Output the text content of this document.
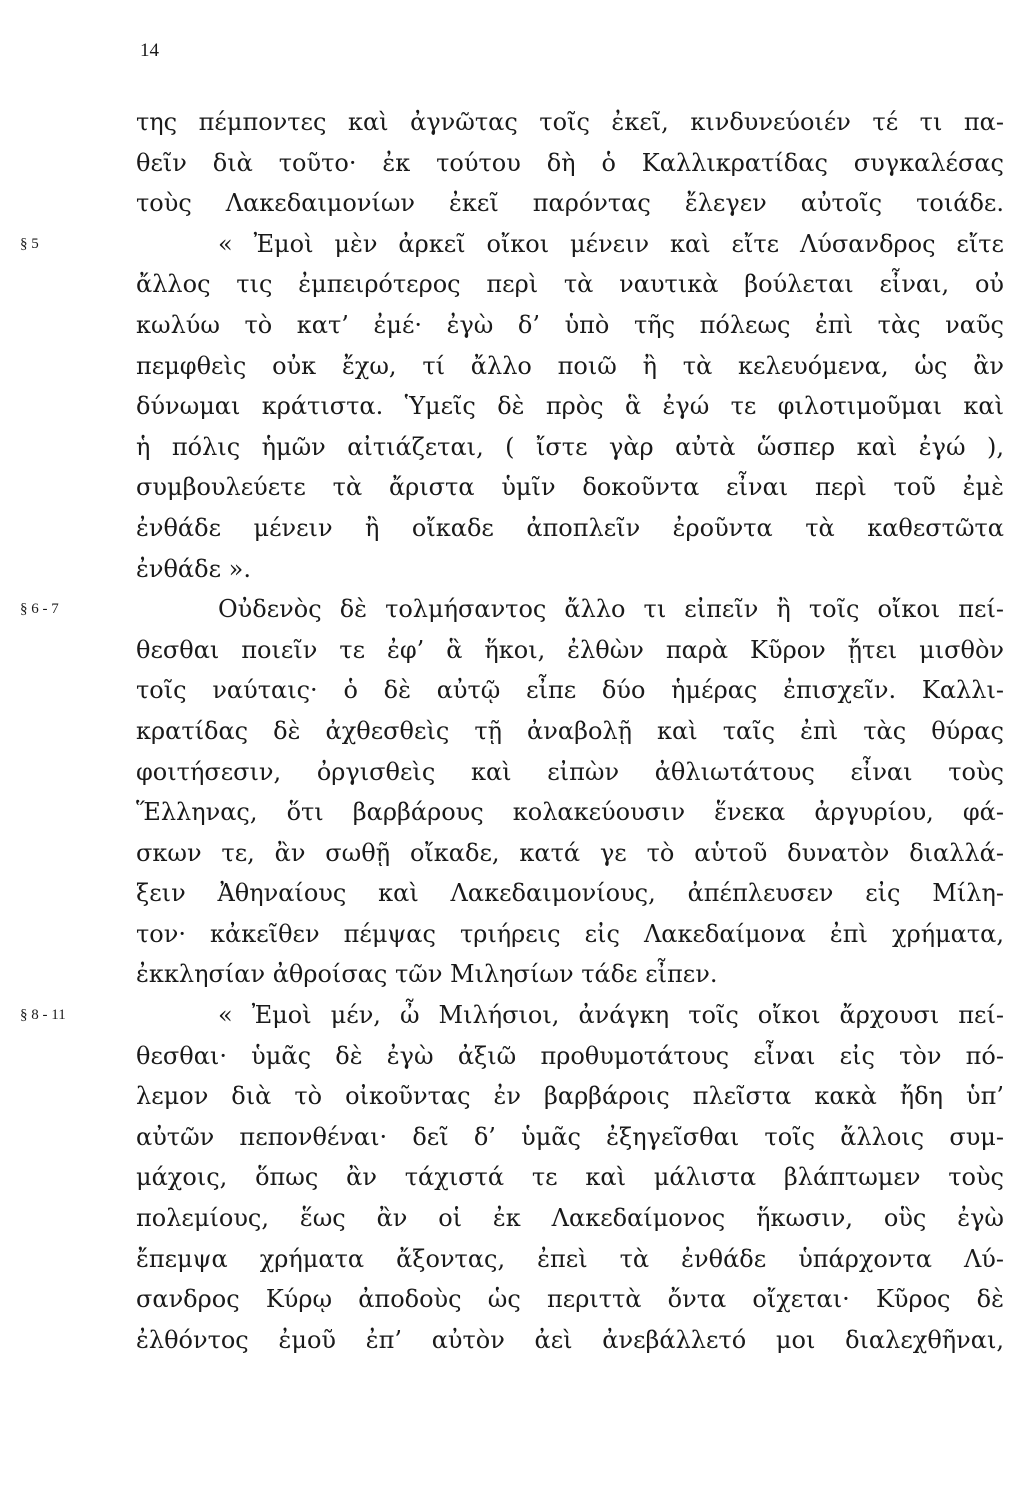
14
της πέμποντες καὶ ἀγνῶτας τοῖς ἐκεῖ, κινδυνεύοιέν τέ τι πα-
θεῖν διὰ τοῦτο· ἐκ τούτου δὴ ὁ Καλλικρατίδας συγκαλέσας
τοὺς Λακεδαιμονίων ἐκεῖ παρόντας ἔλεγεν αὐτοῖς τοιάδε.
§ 5	« Ἐμοὶ μὲν ἀρκεῖ οἴκοι μένειν καὶ εἴτε Λύσανδρος εἴτε
ἄλλος τις ἐμπειρότερος περὶ τὰ ναυτικὰ βούλεται εἶναι, οὐ
κωλύω τὸ κατ’ ἐμέ· ἐγὼ δ’ ὑπὸ τῆς πόλεως ἐπὶ τὰς ναῦς
πεμφθεὶς οὐκ ἔχω, τί ἄλλο ποιῶ ἢ τὰ κελευόμενα, ὡς ἂν
δύνωμαι κράτιστα. Ὑμεῖς δὲ πρὸς ἃ ἐγώ τε φιλοτιμοῦμαι καὶ
ἡ πόλις ἡμῶν αἰτιάζεται, ( ἴστε γὰρ αὐτὰ ὥσπερ καὶ ἐγώ ),
συμβουλεύετε τὰ ἄριστα ὑμῖν δοκοῦντα εἶναι περὶ τοῦ ἐμὲ
ἐνθάδε μένειν ἢ οἴκαδε ἀποπλεῖν ἐροῦντα τὰ καθεστῶτα
ἐνθάδε ».
§ 6 - 7	Οὐδενὸς δὲ τολμήσαντος ἄλλο τι εἰπεῖν ἢ τοῖς οἴκοι πεί-
θεσθαι ποιεῖν τε ἐφ’ ἃ ἥκοι, ἐλθὼν παρὰ Κῦρον ᾔτει μισθὸν
τοῖς ναύταις· ὁ δὲ αὐτῷ εἶπε δύο ἡμέρας ἐπισχεῖν. Καλλι-
κρατίδας δὲ ἀχθεσθεὶς τῇ ἀναβολῇ καὶ ταῖς ἐπὶ τὰς θύρας
φοιτήσεσιν, ὀργισθεὶς καὶ εἰπὼν ἀθλιωτάτους εἶναι τοὺς
Ἕλληνας, ὅτι βαρβάρους κολακεύουσιν ἕνεκα ἀργυρίου, φά-
σκων τε, ἂν σωθῇ οἴκαδε, κατά γε τὸ αὑτοῦ δυνατὸν διαλλά-
ξειν Ἀθηναίους καὶ Λακεδαιμονίους, ἀπέπλευσεν εἰς Μίλη-
τον· κἀκεῖθεν πέμψας τριήρεις εἰς Λακεδαίμονα ἐπὶ χρήματα,
ἐκκλησίαν ἀθροίσας τῶν Μιλησίων τάδε εἶπεν.
§ 8 - 11	« Ἐμοὶ μέν, ὦ Μιλήσιοι, ἀνάγκη τοῖς οἴκοι ἄρχουσι πεί-
θεσθαι· ὑμᾶς δὲ ἐγὼ ἀξιῶ προθυμοτάτους εἶναι εἰς τὸν πό-
λεμον διὰ τὸ οἰκοῦντας ἐν βαρβάροις πλεῖστα κακὰ ἤδη ὑπ’
αὐτῶν πεπονθέναι· δεῖ δ’ ὑμᾶς ἐξηγεῖσθαι τοῖς ἄλλοις συμ-
μάχοις, ὅπως ἂν τάχιστά τε καὶ μάλιστα βλάπτωμεν τοὺς
πολεμίους, ἕως ἂν οἱ ἐκ Λακεδαίμονος ἥκωσιν, οὓς ἐγὼ
ἔπεμψα χρήματα ἄξοντας, ἐπεὶ τὰ ἐνθάδε ὑπάρχοντα Λύ-
σανδρος Κύρῳ ἀποδοὺς ὡς περιττὰ ὄντα οἴχεται· Κῦρος δὲ
ἐλθόντος ἐμοῦ ἐπ’ αὐτὸν ἀεὶ ἀνεβάλλετό μοι διαλεχθῆναι,
